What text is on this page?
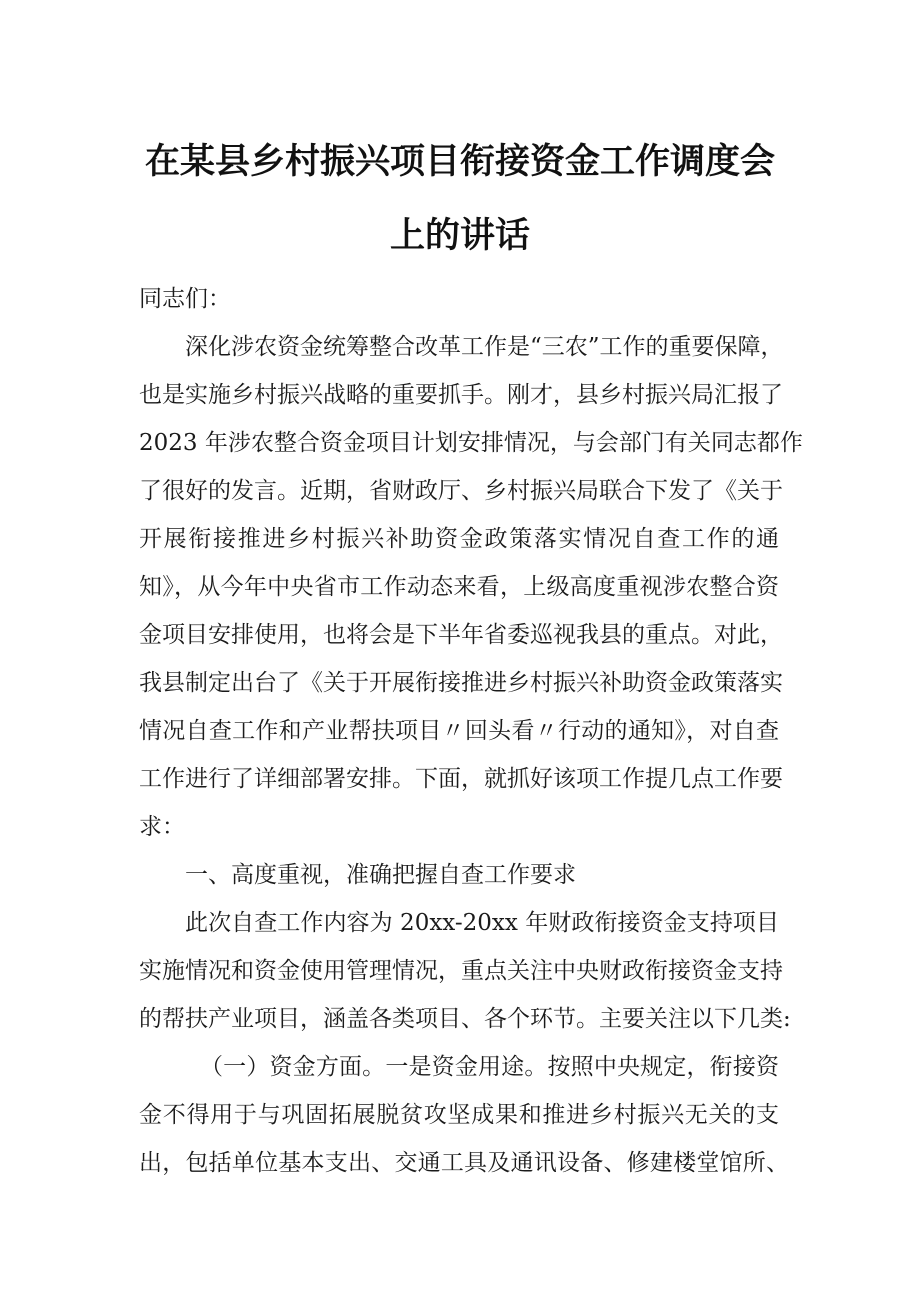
在某县乡村振兴项目衔接资金工作调度会
上的讲话
同志们：
深化涉农资金统筹整合改革工作是“三农”工作的重要保障，
也是实施乡村振兴战略的重要抓手。刚才，县乡村振兴局汇报了
2023 年涉农整合资金项目计划安排情况，与会部门有关同志都作
了很好的发言。近期，省财政厅、乡村振兴局联合下发了《关于
开展衔接推进乡村振兴补助资金政策落实情况自查工作的通
知》，从今年中央省市工作动态来看，上级高度重视涉农整合资
金项目安排使用，也将会是下半年省委巡视我县的重点。对此，
我县制定出台了《关于开展衔接推进乡村振兴补助资金政策落实
情况自查工作和产业帮扶项目〃回头看〃行动的通知》，对自查
工作进行了详细部署安排。下面，就抓好该项工作提几点工作要
求：
一、高度重视，准确把握自查工作要求
此次自查工作内容为 20xx-20xx 年财政衔接资金支持项目
实施情况和资金使用管理情况，重点关注中央财政衔接资金支持
的帮扶产业项目，涵盖各类项目、各个环节。主要关注以下几类:
（一）资金方面。一是资金用途。按照中央规定，衔接资
金不得用于与巩固拓展脱贫攻坚成果和推进乡村振兴无关的支
出，包括单位基本支出、交通工具及通讯设备、修建楼堂馆所、
